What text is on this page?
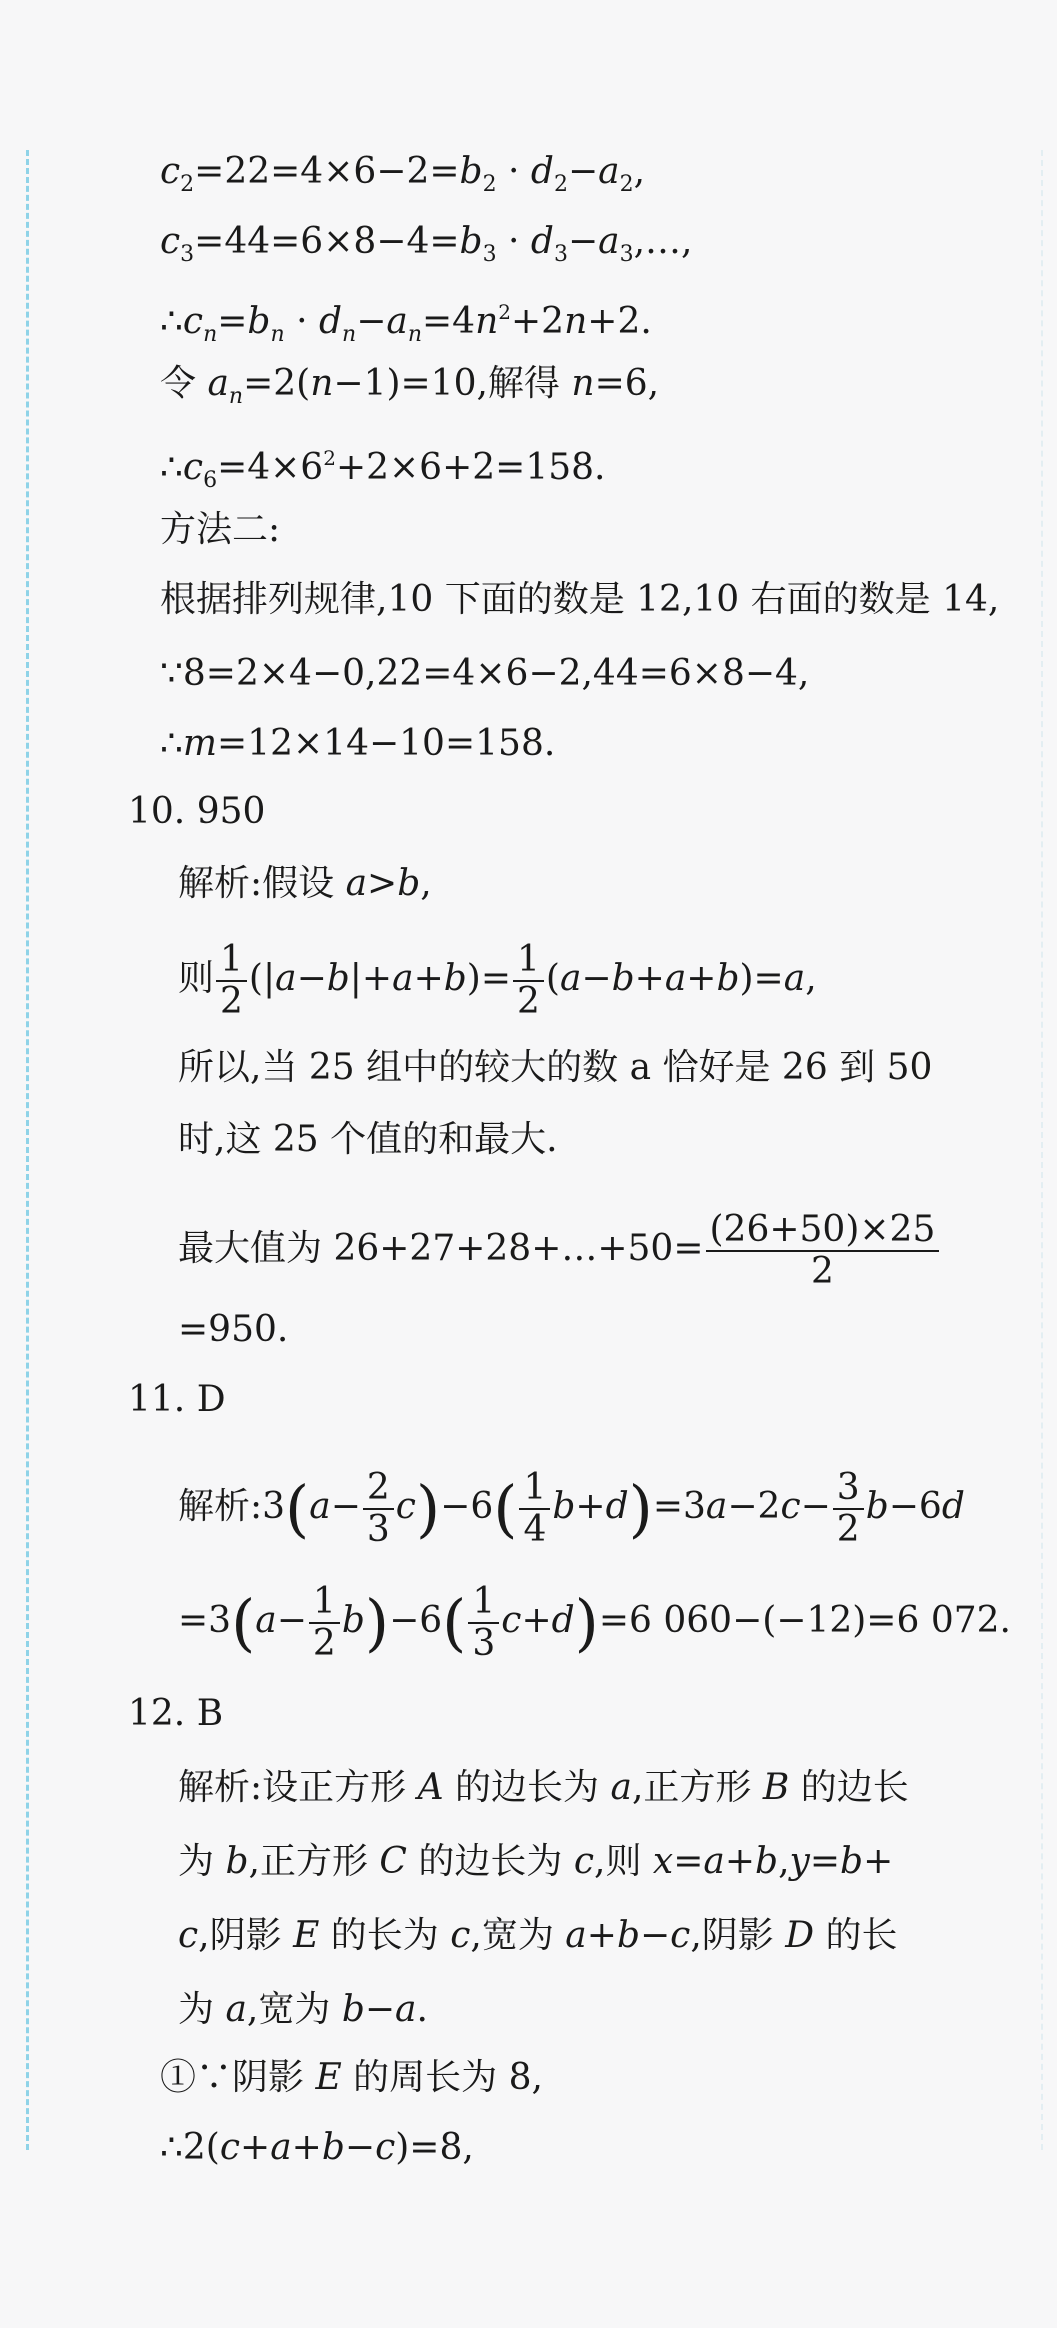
$c_2=22=4\times 6-2=b_2 \cdot d_2-a_2$,
$c_3=44=6\times 8-4=b_3$ · $d_3-a_3,\dots$,
$\therefore c_n=b_n \cdot d_n-a_n=4n^2+2n+2$.
令 $a_n=2(n-1)=10$,解得 n=6,
$\therefore c_6=4\times 6^2+2\times 6+2=158$.
方法二:
根据排列规律,10 下面的数是 12,10 右面的数是 14,
∵8=2×4−0,22=4×6−2,44=6×8−4,
∴m=12×14−10=158.
10. 950
解析:假设 a>b,
则 $\frac{1}{2} (|a-b|+a+b)= \frac{1}{2} (a-b+a+b)=a$,
所以,当 25 组中的较大的数 a 恰好是 26 到 50
时,这 25 个值的和最大.
最大值为 26+27+28+…+50= $\frac{(26+50)\times 25}{2}$
=950.
11. D
解析:3(a− $\frac{2}{3} c)-6( \frac{1}{4} b+d)=3a-2c- \frac{3}{2} b-6d$
$=3(a- \frac{1}{2} b)-6( \frac{1}{3} c+d)=6$ 060−(−12)=6 072.
12. B
解析:设正方形 A 的边长为 a,正方形 B 的边长
为 b,正方形 C 的边长为 c,则 x=a+b,y=b+
c,阴影 E 的长为 c,宽为 a+b−c,阴影 D 的长
为 a,宽为 b−a.
①∵阴影 E 的周长为 8,
∴2(c+a+b−c)=8,
